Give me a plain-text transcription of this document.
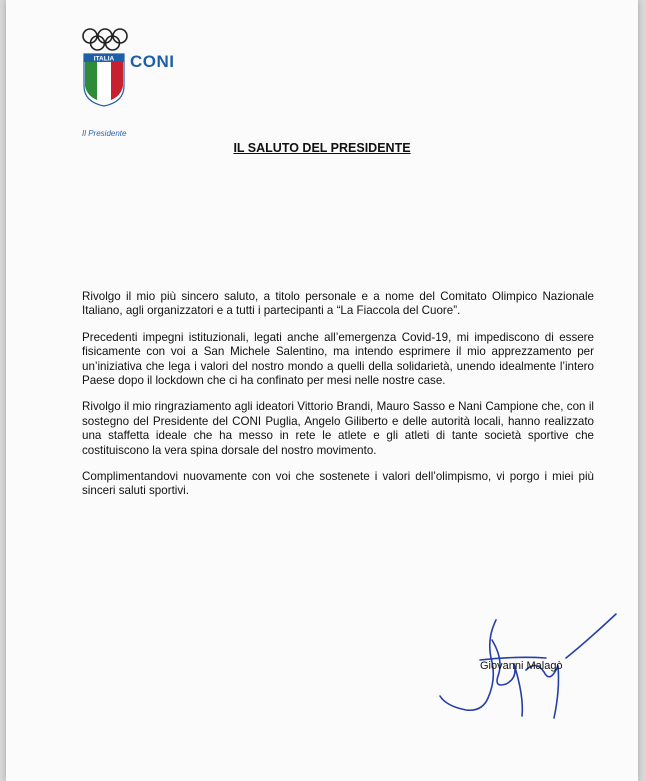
ITALIA CONI
Il Presidente
IL SALUTO DEL PRESIDENTE

Rivolgo il mio più sincero saluto, a titolo personale e a nome del Comitato Olimpico Nazionale Italiano, agli organizzatori e a tutti i partecipanti a “La Fiaccola del Cuore”.

Precedenti impegni istituzionali, legati anche all’emergenza Covid-19, mi impediscono di essere fisicamente con voi a San Michele Salentino, ma intendo esprimere il mio apprezzamento per un’iniziativa che lega i valori del nostro mondo a quelli della solidarietà, unendo idealmente l’intero Paese dopo il lockdown che ci ha confinato per mesi nelle nostre case.

Rivolgo il mio ringraziamento agli ideatori Vittorio Brandi, Mauro Sasso e Nani Campione che, con il sostegno del Presidente del CONI Puglia, Angelo Giliberto e delle autorità locali, hanno realizzato una staffetta ideale che ha messo in rete le atlete e gli atleti di tante società sportive che costituiscono la vera spina dorsale del nostro movimento.

Complimentandovi nuovamente con voi che sostenete i valori dell’olimpismo, vi porgo i miei più sinceri saluti sportivi.

Giovanni Malagò
